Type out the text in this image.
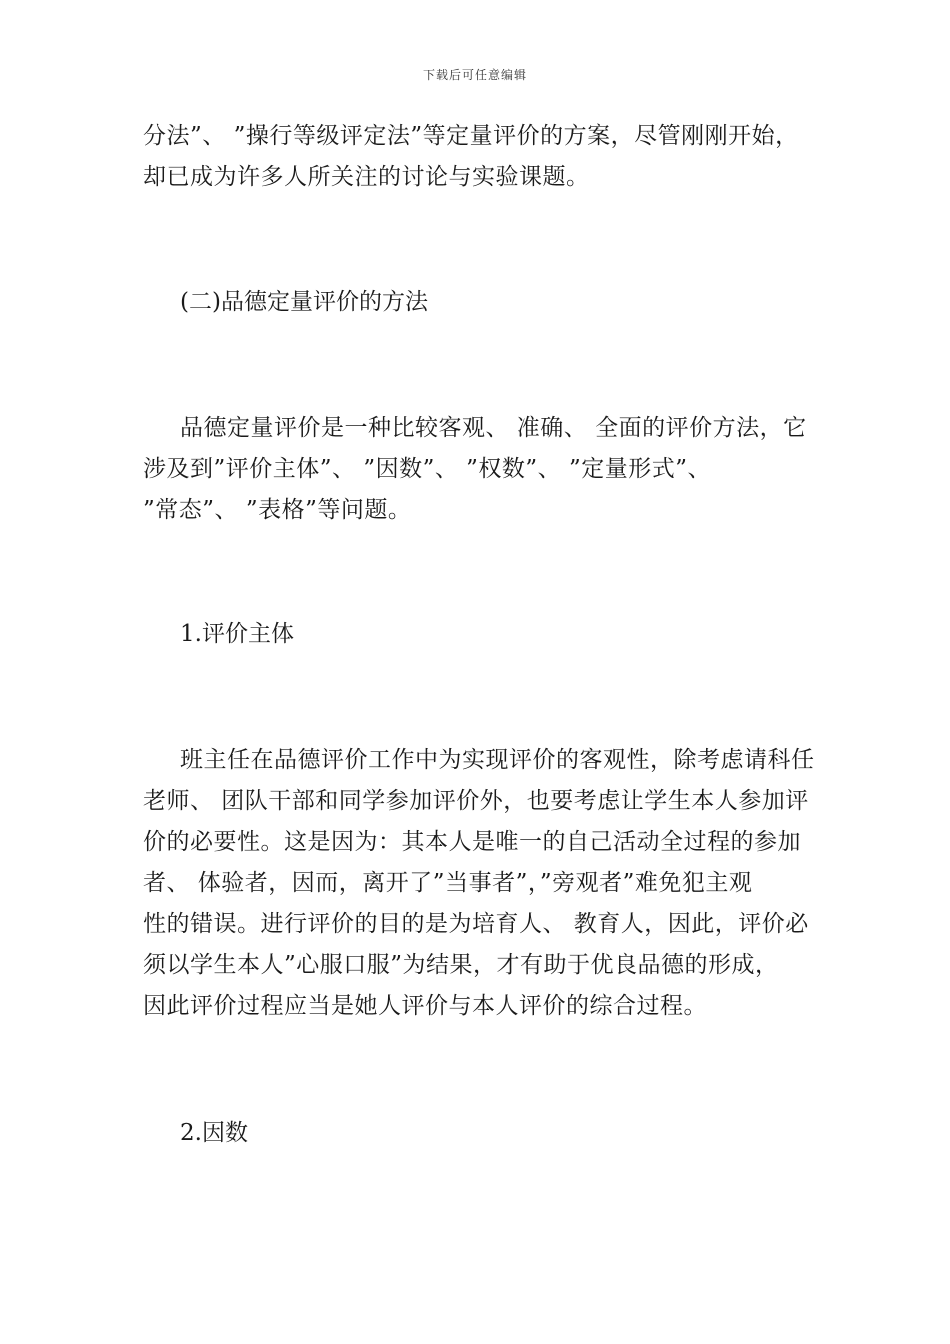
下载后可任意编辑
分法”、 ”操行等级评定法”等定量评价的方案，尽管刚刚开始，
却已成为许多人所关注的讨论与实验课题。
(二)品德定量评价的方法
品德定量评价是一种比较客观、 准确、 全面的评价方法，它
涉及到”评价主体”、 ”因数”、 ”权数”、 ”定量形式”、
”常态”、 ”表格”等问题。
1.评价主体
班主任在品德评价工作中为实现评价的客观性，除考虑请科任
老师、 团队干部和同学参加评价外，也要考虑让学生本人参加评
价的必要性。这是因为：其本人是唯一的自己活动全过程的参加
者、 体验者，因而，离开了”当事者”，”旁观者”难免犯主观
性的错误。进行评价的目的是为培育人、 教育人，因此，评价必
须以学生本人”心服口服”为结果，才有助于优良品德的形成，
因此评价过程应当是她人评价与本人评价的综合过程。
2.因数
